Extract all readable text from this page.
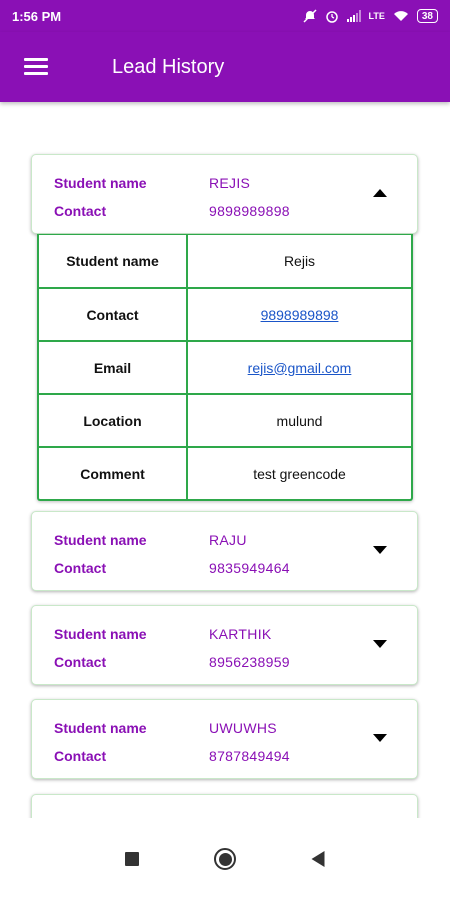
1:56 PM	LTE	38
Lead History
Student name	REJIS
Contact	9898989898
Student name	Rejis
Contact	9898989898
Email	rejis@gmail.com
Location	mulund
Comment	test greencode
Student name	RAJU
Contact	9835949464
Student name	KARTHIK
Contact	8956238959
Student name	UWUWHS
Contact	8787849494
